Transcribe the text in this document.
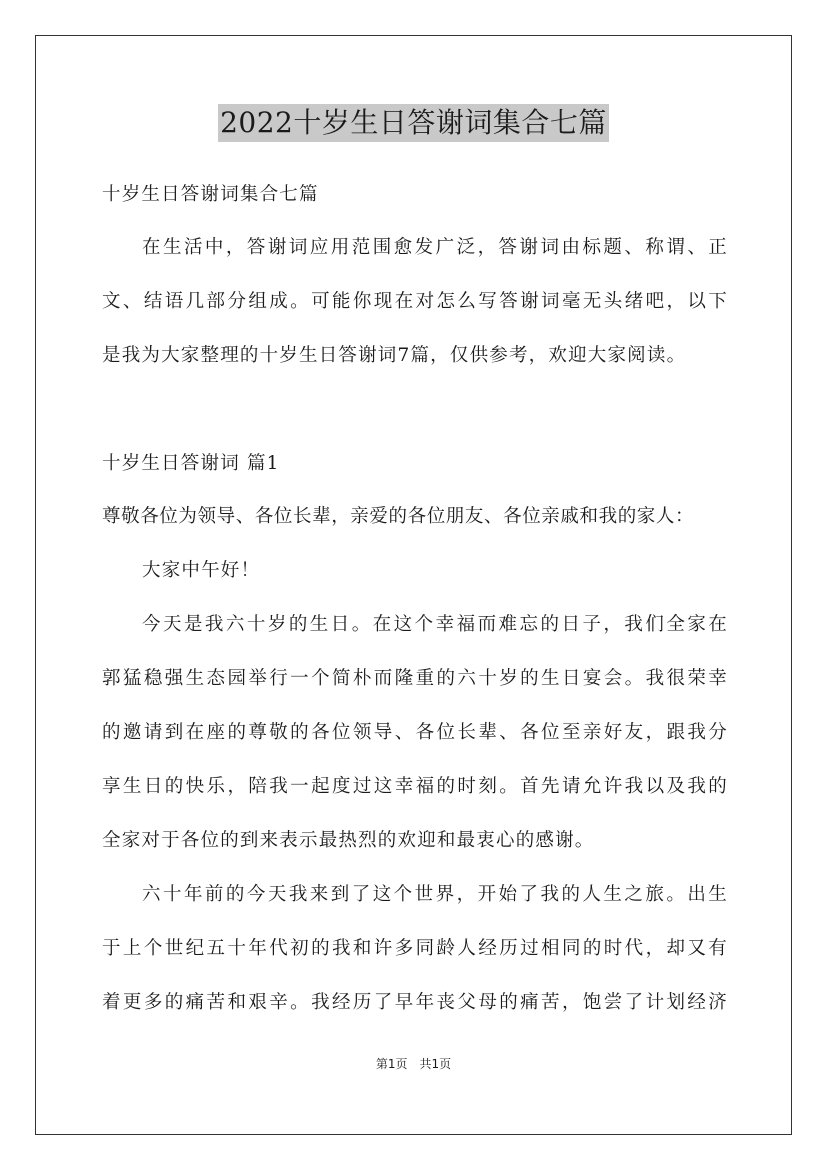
2022十岁生日答谢词集合七篇
十岁生日答谢词集合七篇
在生活中，答谢词应用范围愈发广泛，答谢词由标题、称谓、正
文、结语几部分组成。可能你现在对怎么写答谢词毫无头绪吧，以下
是我为大家整理的十岁生日答谢词7篇，仅供参考，欢迎大家阅读。
十岁生日答谢词 篇1
尊敬各位为领导、各位长辈，亲爱的各位朋友、各位亲戚和我的家人：
大家中午好！
今天是我六十岁的生日。在这个幸福而难忘的日子，我们全家在
郭猛稳强生态园举行一个简朴而隆重的六十岁的生日宴会。我很荣幸
的邀请到在座的尊敬的各位领导、各位长辈、各位至亲好友，跟我分
享生日的快乐，陪我一起度过这幸福的时刻。首先请允许我以及我的
全家对于各位的到来表示最热烈的欢迎和最衷心的感谢。
六十年前的今天我来到了这个世界，开始了我的人生之旅。出生
于上个世纪五十年代初的我和许多同龄人经历过相同的时代，却又有
着更多的痛苦和艰辛。我经历了早年丧父母的痛苦，饱尝了计划经济
第1页　共1页
